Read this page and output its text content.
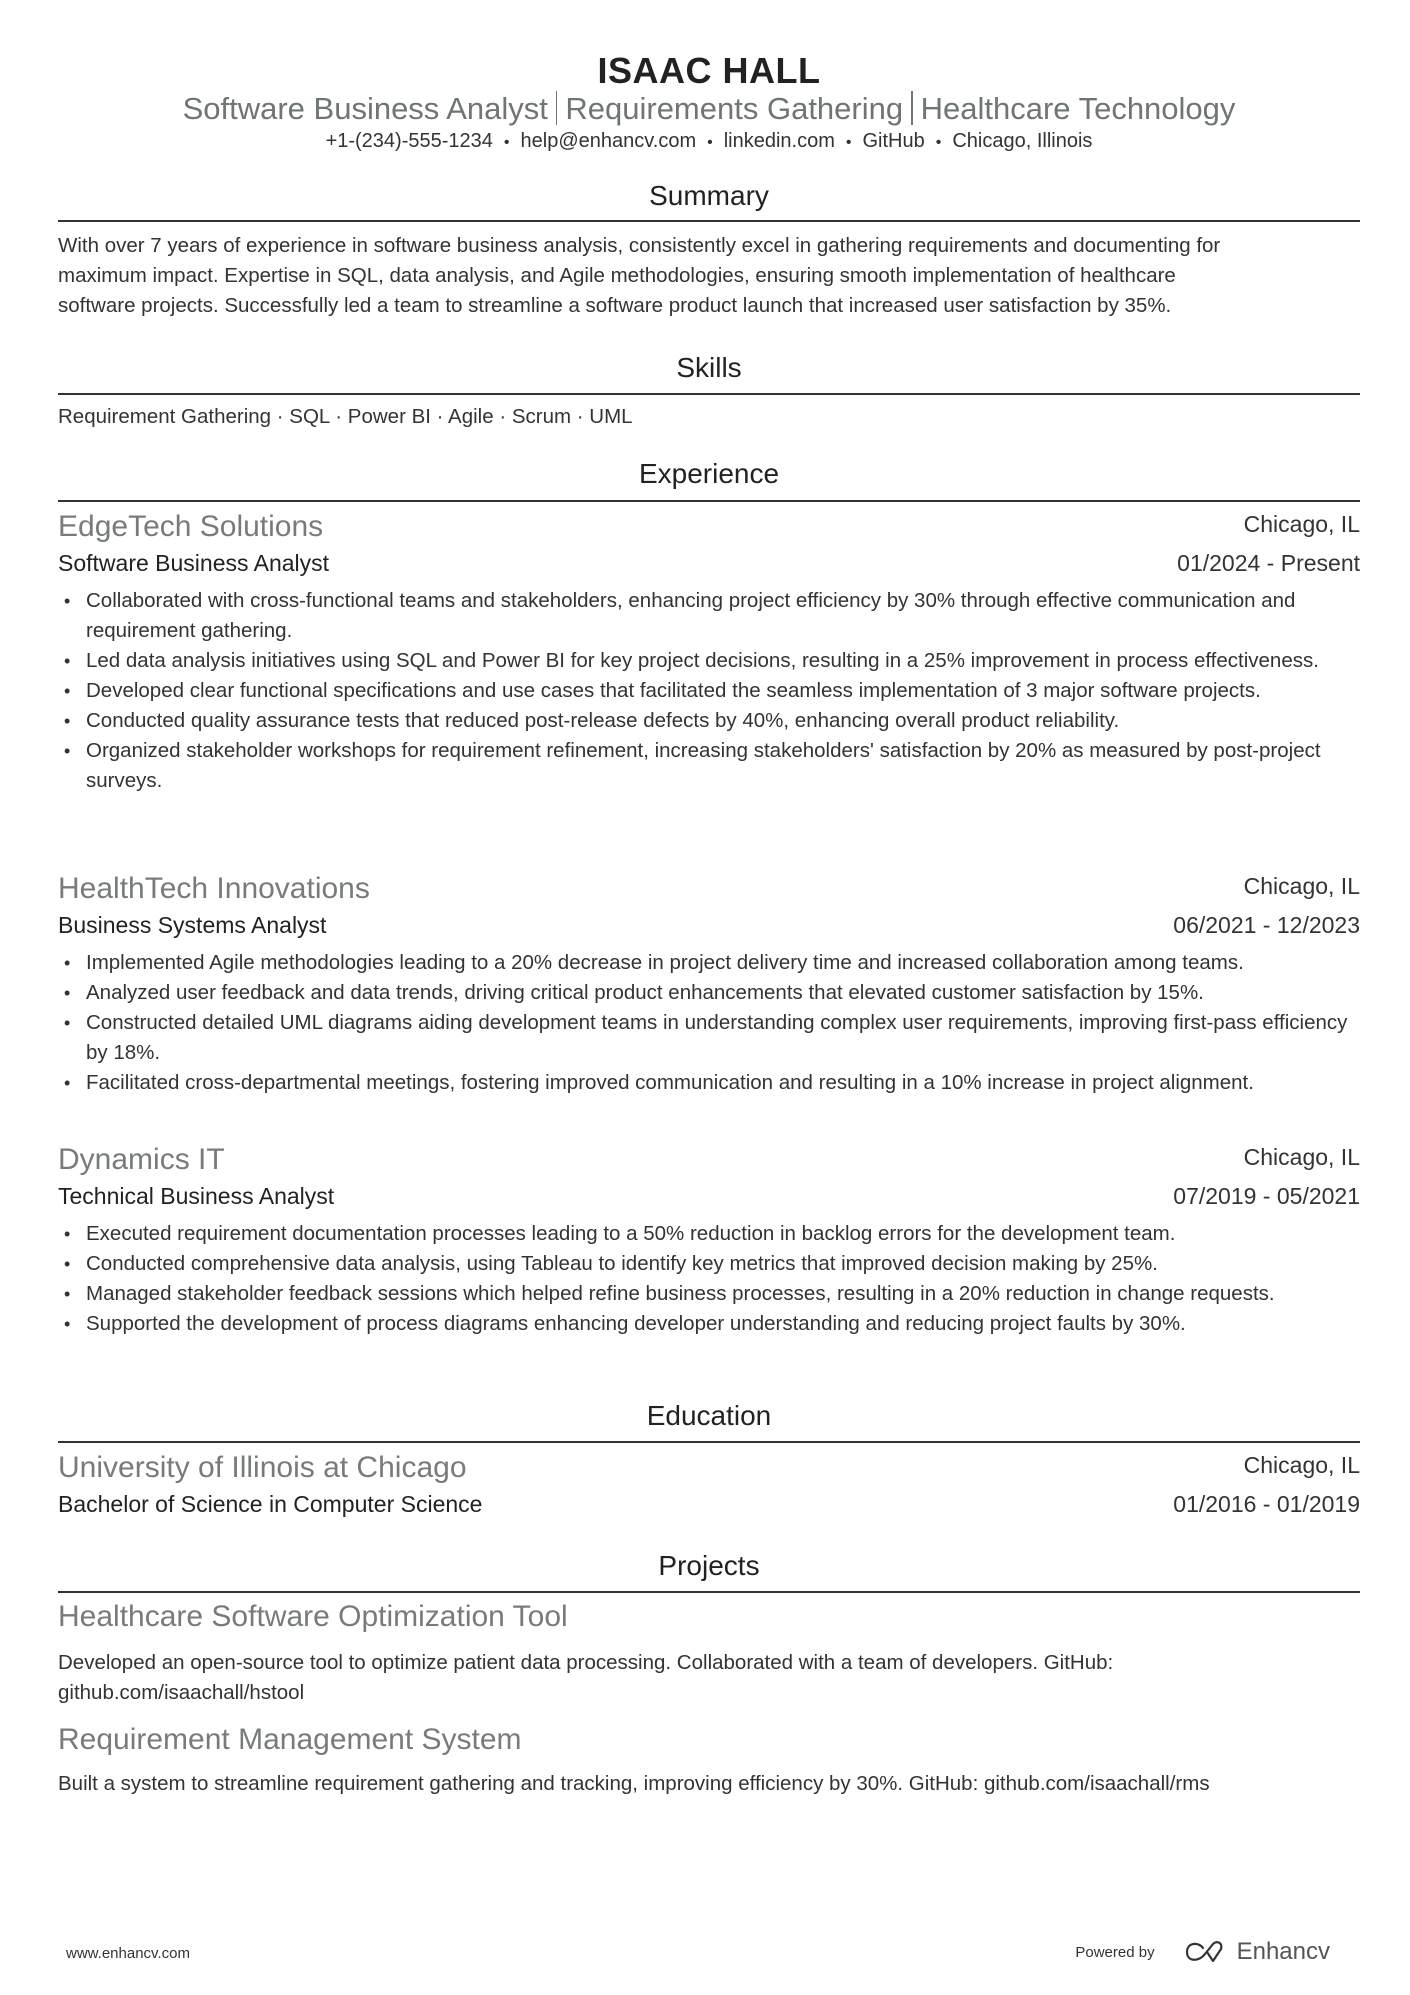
ISAAC HALL
Software Business Analyst Requirements Gathering Healthcare Technology
+1-(234)-555-1234 • help@enhancv.com • linkedin.com • GitHub • Chicago, Illinois
Summary
With over 7 years of experience in software business analysis, consistently excel in gathering requirements and documenting for
maximum impact. Expertise in SQL, data analysis, and Agile methodologies, ensuring smooth implementation of healthcare
software projects. Successfully led a team to streamline a software product launch that increased user satisfaction by 35%.
Skills
Requirement Gathering · SQL · Power BI · Agile · Scrum · UML
Experience
EdgeTech Solutions	Chicago, IL
Software Business Analyst	01/2024 - Present
• Collaborated with cross-functional teams and stakeholders, enhancing project efficiency by 30% through effective communication and requirement gathering.
• Led data analysis initiatives using SQL and Power BI for key project decisions, resulting in a 25% improvement in process effectiveness.
• Developed clear functional specifications and use cases that facilitated the seamless implementation of 3 major software projects.
• Conducted quality assurance tests that reduced post-release defects by 40%, enhancing overall product reliability.
• Organized stakeholder workshops for requirement refinement, increasing stakeholders' satisfaction by 20% as measured by post-project surveys.
HealthTech Innovations	Chicago, IL
Business Systems Analyst	06/2021 - 12/2023
• Implemented Agile methodologies leading to a 20% decrease in project delivery time and increased collaboration among teams.
• Analyzed user feedback and data trends, driving critical product enhancements that elevated customer satisfaction by 15%.
• Constructed detailed UML diagrams aiding development teams in understanding complex user requirements, improving first-pass efficiency by 18%.
• Facilitated cross-departmental meetings, fostering improved communication and resulting in a 10% increase in project alignment.
Dynamics IT	Chicago, IL
Technical Business Analyst	07/2019 - 05/2021
• Executed requirement documentation processes leading to a 50% reduction in backlog errors for the development team.
• Conducted comprehensive data analysis, using Tableau to identify key metrics that improved decision making by 25%.
• Managed stakeholder feedback sessions which helped refine business processes, resulting in a 20% reduction in change requests.
• Supported the development of process diagrams enhancing developer understanding and reducing project faults by 30%.
Education
University of Illinois at Chicago	Chicago, IL
Bachelor of Science in Computer Science	01/2016 - 01/2019
Projects
Healthcare Software Optimization Tool
Developed an open-source tool to optimize patient data processing. Collaborated with a team of developers. GitHub:
github.com/isaachall/hstool
Requirement Management System
Built a system to streamline requirement gathering and tracking, improving efficiency by 30%. GitHub: github.com/isaachall/rms
www.enhancv.com	Powered by	Enhancv
